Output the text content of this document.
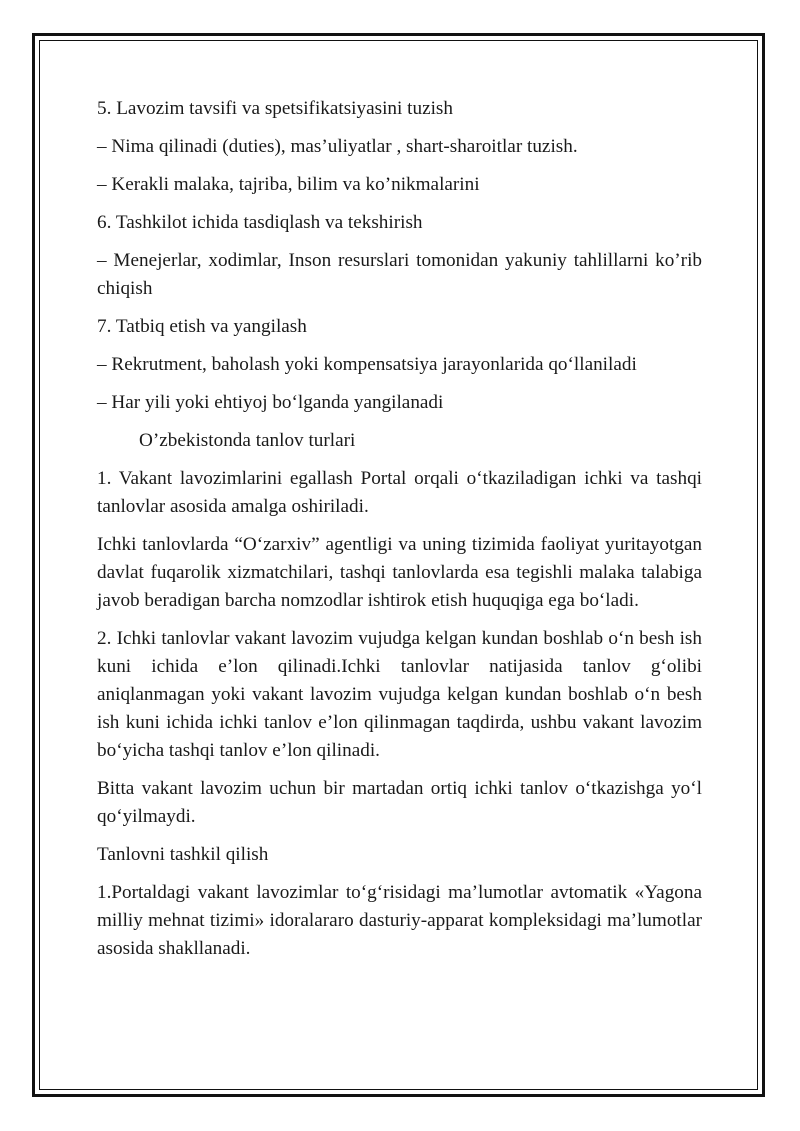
5. Lavozim tavsifi va spetsifikatsiyasini tuzish

– Nima qilinadi (duties), mas’uliyatlar , shart-sharoitlar tuzish.

– Kerakli malaka, tajriba, bilim va ko’nikmalarini

6. Tashkilot ichida tasdiqlash va tekshirish

– Menejerlar, xodimlar, Inson resurslari tomonidan yakuniy tahlillarni ko’rib chiqish

7. Tatbiq etish va yangilash

– Rekrutment, baholash yoki kompensatsiya jarayonlarida qo‘llaniladi

– Har yili yoki ehtiyoj bo‘lganda yangilanadi

O’zbekistonda tanlov turlari

1. Vakant lavozimlarini egallash Portal orqali o‘tkaziladigan ichki va tashqi tanlovlar asosida amalga oshiriladi.

Ichki tanlovlarda “O‘zarxiv” agentligi va uning tizimida faoliyat yuritayotgan davlat fuqarolik xizmatchilari, tashqi tanlovlarda esa tegishli malaka talabiga javob beradigan barcha nomzodlar ishtirok etish huquqiga ega bo‘ladi.

2. Ichki tanlovlar vakant lavozim vujudga kelgan kundan boshlab o‘n besh ish kuni ichida e’lon qilinadi.Ichki tanlovlar natijasida tanlov g‘olibi aniqlanmagan yoki vakant lavozim vujudga kelgan kundan boshlab o‘n besh ish kuni ichida ichki tanlov e’lon qilinmagan taqdirda, ushbu vakant lavozim bo‘yicha tashqi tanlov e’lon qilinadi.

Bitta vakant lavozim uchun bir martadan ortiq ichki tanlov o‘tkazishga yo‘l qo‘yilmaydi.

Tanlovni tashkil qilish

1.Portaldagi vakant lavozimlar to‘g‘risidagi ma’lumotlar avtomatik «Yagona milliy mehnat tizimi» idoralararo dasturiy-apparat kompleksidagi ma’lumotlar asosida shakllanadi.
